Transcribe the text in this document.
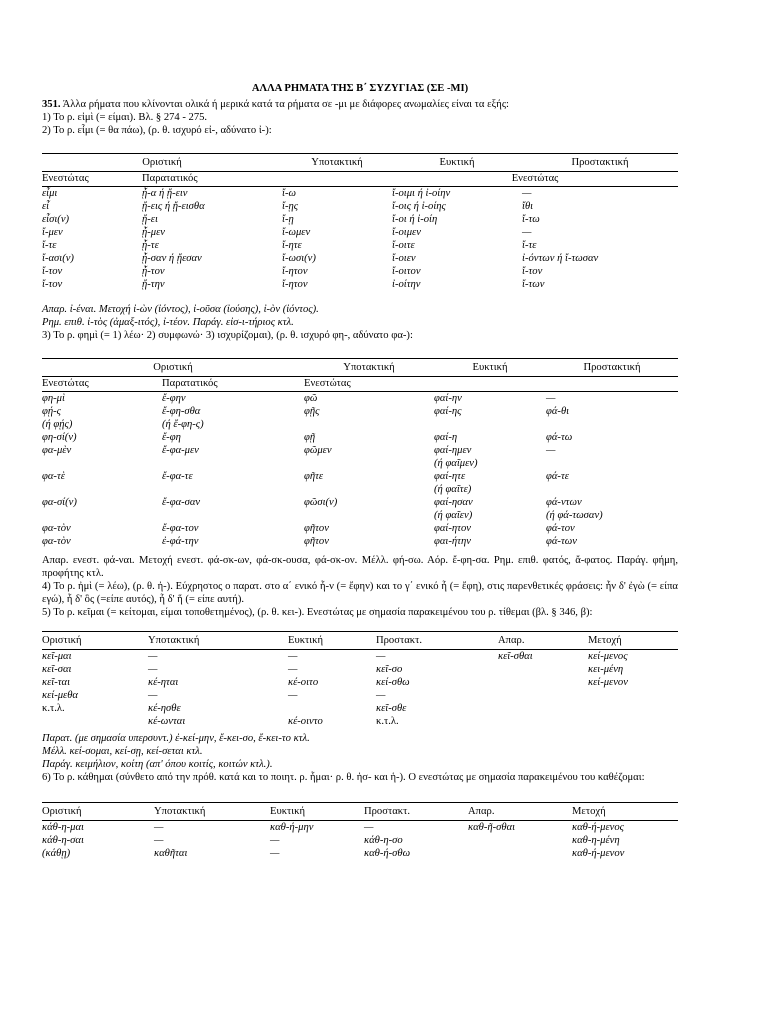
ΑΛΛΑ ΡΗΜΑΤΑ ΤΗΣ Β΄ ΣΥΖΥΓΙΑΣ (ΣΕ -ΜΙ)

351. Άλλα ρήματα που κλίνονται ολικά ή μερικά κατά τα ρήματα σε -μι με διάφορες ανωμαλίες είναι τα εξής:

1) Το ρ. εἰμὶ (= είμαι). Βλ. § 274 - 275.

2) Το ρ. εἶμι (= θα πάω), (ρ. θ. ισχυρό εἰ-, αδύνατο ἰ-):

Οριστική		Υποτακτική	Ευκτική	Προστακτική
Ενεστώτας	Παρατατικός		Ενεστώτας	
εἶμι	ᾖ-α ή ᾔ-ειν	ἴ-ω	ἴ-οιμι ή ἰ-οίην	—
εἶ	ᾔ-εις ή ᾔ-εισθα	ἴ-ῃς	ἴ-οις ή ἰ-οίης	ἴθι
εἶσι(ν)	ᾔ-ει	ἴ-ῃ	ἴ-οι ή ἰ-οίη	ἴ-τω
ἴ-μεν	ᾖ-μεν	ἴ-ωμεν	ἴ-οιμεν	—
ἴ-τε	ᾖ-τε	ἴ-ητε	ἴ-οιτε	ἴ-τε
ἴ-ασι(ν)	ᾖ-σαν ή ᾔεσαν	ἴ-ωσι(ν)	ἴ-οιεν	ἰ-όντων ή ἴ-τωσαν
ἴ-τον	ᾖ-τον	ἴ-ητον	ἴ-οιτον	ἴ-τον
ἴ-τον	ᾔ-την	ἴ-ητον	ἰ-οίτην	ἴ-των

Απαρ. ἰ-έναι. Μετοχή ἰ-ὼν (ἰόντος), ἰ-οῦσα (ἰούσης), ἰ-ὸν (ἰόντος).

Ρημ. επιθ. ἰ-τὸς (ἀμαξ-ιτός), ἰ-τέον. Παράγ. εἰσ-ι-τήριος κτλ.

3) Το ρ. φημὶ (= 1) λέω· 2) συμφωνώ· 3) ισχυρίζομαι), (ρ. θ. ισχυρό φη-, αδύνατο φα-):

Οριστική		Υποτακτική	Ευκτική	Προστακτική
Ενεστώτας	Παρατατικός	Ενεστώτας		
φη-μὶ	ἔ-φην	φῶ	φαί-ην	—
φῄ-ς	ἔ-φη-σθα	φῇς	φαί-ης	φά-θι
(ή φῄς)	(ή ἔ-φη-ς)			
φη-σί(ν)	ἔ-φη	φῇ	φαί-η	φά-τω
φα-μὲν	ἔ-φα-μεν	φῶμεν	φαί-ημεν	—
			(ή φαῖμεν)	
φα-τὲ	ἔ-φα-τε	φῆτε	φαί-ητε	φά-τε
			(ή φαῖτε)	
φα-σί(ν)	ἔ-φα-σαν	φῶσι(ν)	φαί-ησαν	φά-ντων
			(ή φαῖεν)	(ή φά-τωσαν)
φα-τὸν	ἔ-φα-τον	φῆτον	φαί-ητον	φά-τον
φα-τὸν	ἐ-φά-την	φῆτον	φαι-ήτην	φά-των

Απαρ. ενεστ. φά-ναι. Μετοχή ενεστ. φά-σκ-ων, φά-σκ-ουσα, φά-σκ-ον. Μέλλ. φή-σω. Αόρ. ἔ-φη-σα. Ρημ. επιθ. φατός, ἄ-φατος. Παράγ. φήμη, προφήτης κτλ.

4) Το ρ. ἠμὶ (= λέω), (ρ. θ. ἠ-). Εύχρηστος ο παρατ. στο α΄ ενικό ἦ-ν (= ἔφην) και το γ΄ ενικό ἦ (= ἔφη), στις παρενθετικές φράσεις: ἦν δ' ἐγὼ (= είπα εγώ), ἦ δ' ὃς (=είπε αυτός), ἦ δ' ἥ (= είπε αυτή).

5) Το ρ. κεῖμαι (= κείτομαι, είμαι τοποθετημένος), (ρ. θ. κει-). Ενεστώτας με σημασία παρακειμένου του ρ. τίθεμαι (βλ. § 346, β):

Οριστική	Υποτακτική	Ευκτική	Προστακτ.	Απαρ.	Μετοχή
κεῖ-μαι	—	—	—	κεῖ-σθαι	κεί-μενος
κεῖ-σαι	—	—	κεῖ-σο		κει-μένη
κεῖ-ται	κέ-ηται	κέ-οιτο	κεί-σθω		κεί-μενον
κεί-μεθα	—	—	—		
κ.τ.λ.	κέ-ησθε		κεῖ-σθε		
	κέ-ωνται	κέ-οιντο	κ.τ.λ.		

Παρατ. (με σημασία υπερσυντ.) ἐ-κεί-μην, ἔ-κει-σο, ἔ-κει-το κτλ.

Μέλλ. κεί-σομαι, κεί-σῃ, κεί-σεται κτλ.

Παράγ. κειμήλιον, κοίτη (απ' όπου κοιτίς, κοιτών κτλ.).

6) Το ρ. κάθημαι (σύνθετο από την πρόθ. κατά και το ποιητ. ρ. ἧμαι· ρ. θ. ἡσ- και ἡ-). Ο ενεστώτας με σημασία παρακειμένου του καθέζομαι:

Οριστική	Υποτακτική	Ευκτική	Προστακτ.	Απαρ.	Μετοχή
κάθ-η-μαι	—	καθ-ή-μην	—	καθ-ῆ-σθαι	καθ-ή-μενος
κάθ-η-σαι	—	—	κάθ-η-σο		καθ-η-μένη
(κάθῃ)	καθῆται	—	καθ-ή-σθω		καθ-ή-μενον
